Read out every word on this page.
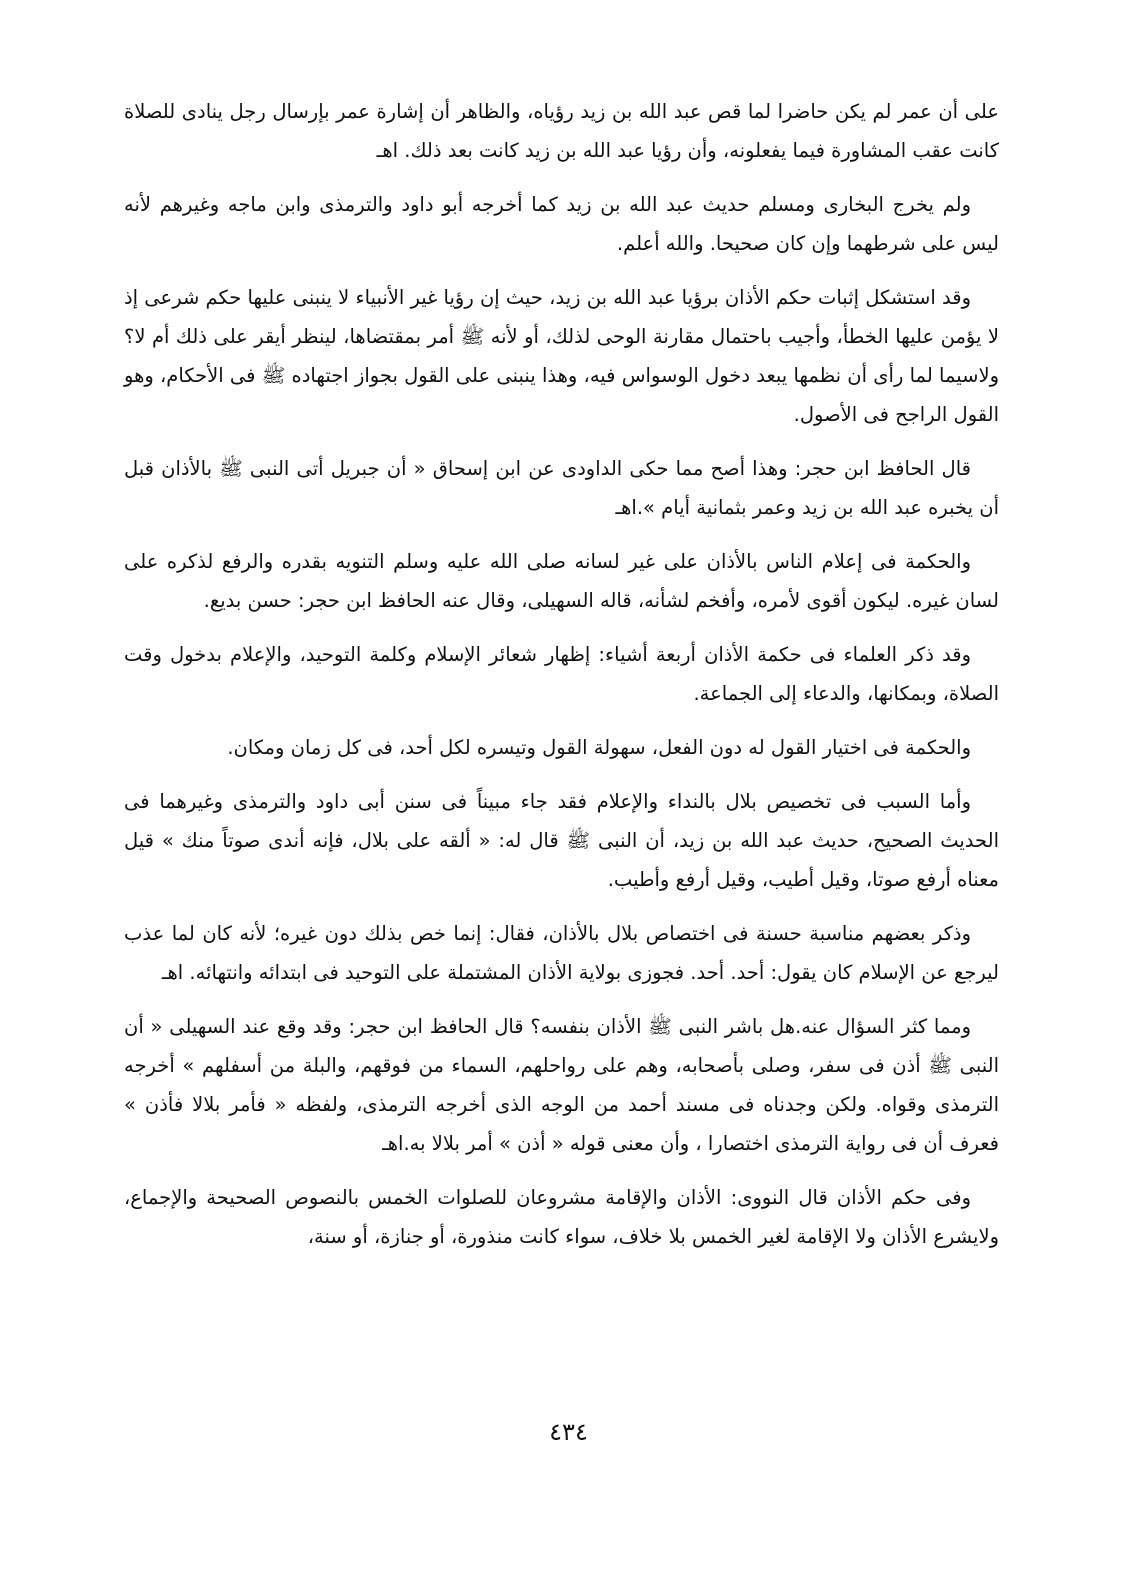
على أن عمر لم يكن حاضرا لما قص عبد الله بن زيد رؤياه، والظاهر أن إشارة عمر بإرسال رجل ينادى للصلاة كانت عقب المشاورة فيما يفعلونه، وأن رؤيا عبد الله بن زيد كانت بعد ذلك. اهـ

ولم يخرج البخارى ومسلم حديث عبد الله بن زيد كما أخرجه أبو داود والترمذى وابن ماجه وغيرهم لأنه ليس على شرطهما وإن كان صحيحا. والله أعلم.

وقد استشكل إثبات حكم الأذان برؤيا عبد الله بن زيد، حيث إن رؤيا غير الأنبياء لا ينبنى عليها حكم شرعى إذ لا يؤمن عليها الخطأ، وأجيب باحتمال مقارنة الوحى لذلك، أو لأنه ﷺ أمر بمقتضاها، لينظر أيقر على ذلك أم لا؟ ولاسيما لما رأى أن نظمها يبعد دخول الوسواس فيه، وهذا ينبنى على القول بجواز اجتهاده ﷺ فى الأحكام، وهو القول الراجح فى الأصول.

قال الحافظ ابن حجر: وهذا أصح مما حكى الداودى عن ابن إسحاق « أن جبريل أتى النبى ﷺ بالأذان قبل أن يخبره عبد الله بن زيد وعمر بثمانية أيام ».اهـ

والحكمة فى إعلام الناس بالأذان على غير لسانه صلى الله عليه وسلم التنويه بقدره والرفع لذكره على لسان غيره. ليكون أقوى لأمره، وأفخم لشأنه، قاله السهيلى، وقال عنه الحافظ ابن حجر: حسن بديع.

وقد ذكر العلماء فى حكمة الأذان أربعة أشياء: إظهار شعائر الإسلام وكلمة التوحيد، والإعلام بدخول وقت الصلاة، وبمكانها، والدعاء إلى الجماعة.

والحكمة فى اختيار القول له دون الفعل، سهولة القول وتيسره لكل أحد، فى كل زمان ومكان.

وأما السبب فى تخصيص بلال بالنداء والإعلام فقد جاء مبيناً فى سنن أبى داود والترمذى وغيرهما فى الحديث الصحيح، حديث عبد الله بن زيد، أن النبى ﷺ قال له: « ألقه على بلال، فإنه أندى صوتاً منك » قيل معناه أرفع صوتا، وقيل أطيب، وقيل أرفع وأطيب.

وذكر بعضهم مناسبة حسنة فى اختصاص بلال بالأذان، فقال: إنما خص بذلك دون غيره؛ لأنه كان لما عذب ليرجع عن الإسلام كان يقول: أحد. أحد. فجوزى بولاية الأذان المشتملة على التوحيد فى ابتدائه وانتهائه. اهـ

ومما كثر السؤال عنه.هل باشر النبى ﷺ الأذان بنفسه؟ قال الحافظ ابن حجر: وقد وقع عند السهيلى « أن النبى ﷺ أذن فى سفر، وصلى بأصحابه، وهم على رواحلهم، السماء من فوقهم، والبلة من أسفلهم » أخرجه الترمذى وقواه. ولكن وجدناه فى مسند أحمد من الوجه الذى أخرجه الترمذى، ولفظه « فأمر بلالا فأذن » فعرف أن فى رواية الترمذى اختصارا ، وأن معنى قوله « أذن » أمر بلالا به.اهـ

وفى حكم الأذان قال النووى: الأذان والإقامة مشروعان للصلوات الخمس بالنصوص الصحيحة والإجماع، ولايشرع الأذان ولا الإقامة لغير الخمس بلا خلاف، سواء كانت منذورة، أو جنازة، أو سنة،

٤٣٤
